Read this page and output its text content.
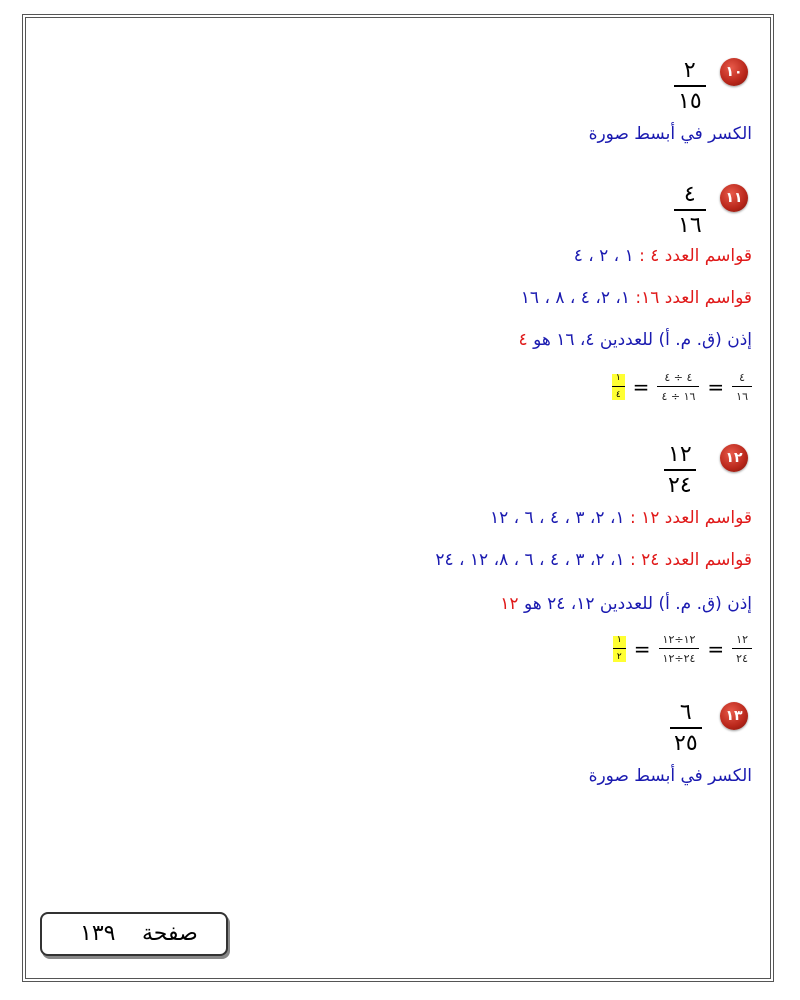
١٠
٢
١٥
الكسر في أبسط صورة
١١
٤
١٦
قواسم العدد ٤ : ١ ، ٢ ، ٤
قواسم العدد ١٦: ١، ٢، ٤ ، ٨ ، ١٦
إذن (ق. م. أ) للعددين ٤، ١٦ هو ٤
$\frac{١}{٤} = \frac{٤ \div ٤}{١٦ \div ٤} = \frac{٤}{١٦}$
١٢
١٢
٢٤
قواسم العدد ١٢ : ١، ٢، ٣ ، ٤ ، ٦ ، ١٢
قواسم العدد ٢٤ : ١، ٢، ٣ ، ٤ ، ٦ ، ٨، ١٢ ، ٢٤
إذن (ق. م. أ) للعددين ١٢، ٢٤ هو ١٢
$\frac{١}{٢} = \frac{١٢\div ١٢}{٢٤\div ١٢} = \frac{١٢}{٢٤}$
١٣
٦
٢٥
الكسر في أبسط صورة
صفحة
١٣٩
